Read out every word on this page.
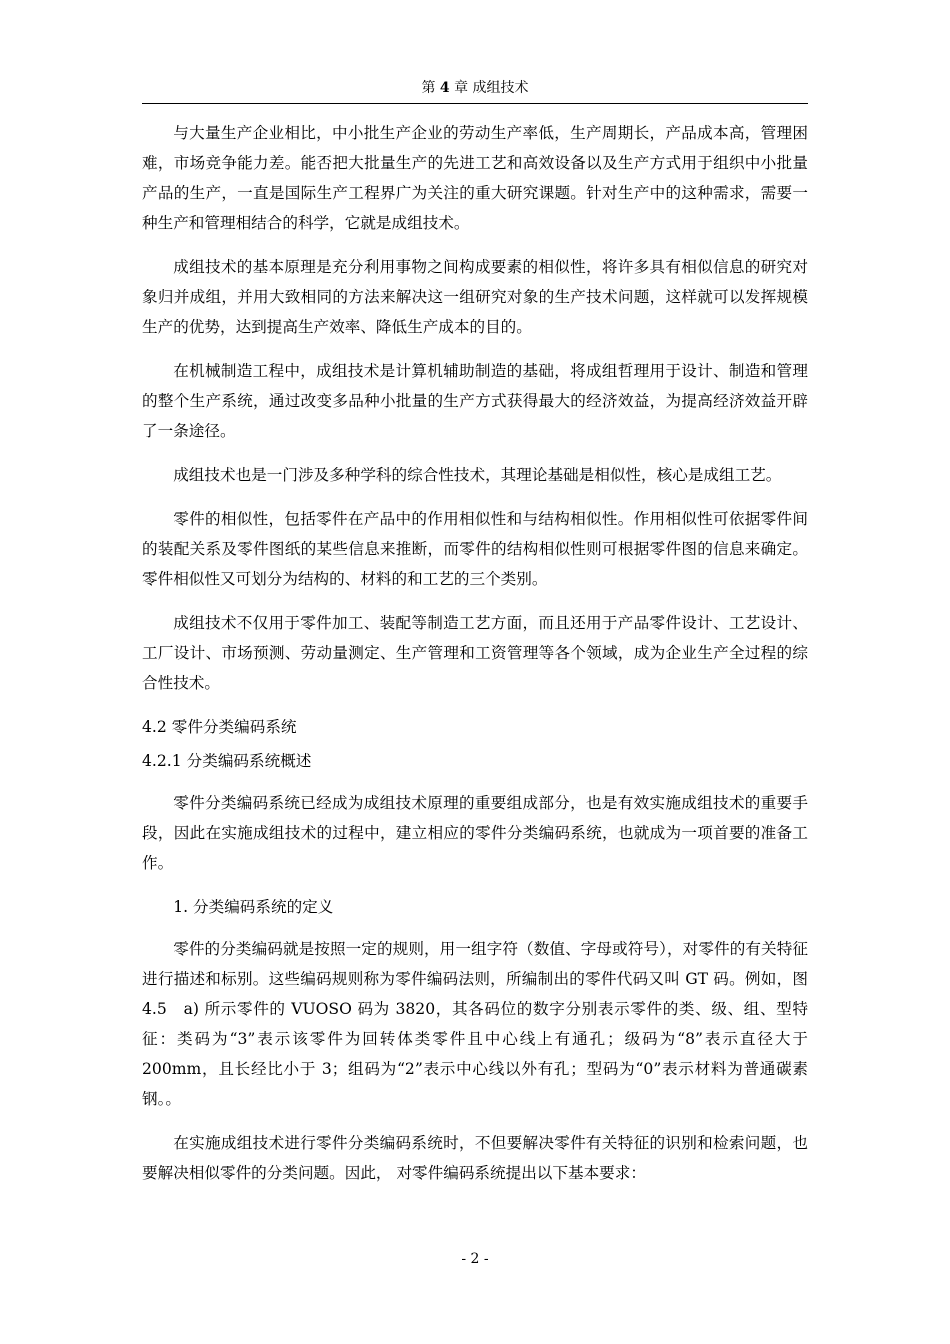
第 4 章 成组技术

与大量生产企业相比，中小批生产企业的劳动生产率低，生产周期长，产品成本高，管理困难，市场竞争能力差。能否把大批量生产的先进工艺和高效设备以及生产方式用于组织中小批量产品的生产，一直是国际生产工程界广为关注的重大研究课题。针对生产中的这种需求，需要一种生产和管理相结合的科学，它就是成组技术。

成组技术的基本原理是充分利用事物之间构成要素的相似性，将许多具有相似信息的研究对象归并成组，并用大致相同的方法来解决这一组研究对象的生产技术问题，这样就可以发挥规模生产的优势，达到提高生产效率、降低生产成本的目的。

在机械制造工程中，成组技术是计算机辅助制造的基础，将成组哲理用于设计、制造和管理的整个生产系统，通过改变多品种小批量的生产方式获得最大的经济效益，为提高经济效益开辟了一条途径。

成组技术也是一门涉及多种学科的综合性技术，其理论基础是相似性，核心是成组工艺。

零件的相似性，包括零件在产品中的作用相似性和与结构相似性。作用相似性可依据零件间的装配关系及零件图纸的某些信息来推断，而零件的结构相似性则可根据零件图的信息来确定。零件相似性又可划分为结构的、材料的和工艺的三个类别。

成组技术不仅用于零件加工、装配等制造工艺方面，而且还用于产品零件设计、工艺设计、工厂设计、市场预测、劳动量测定、生产管理和工资管理等各个领域，成为企业生产全过程的综合性技术。

4.2 零件分类编码系统

4.2.1 分类编码系统概述

零件分类编码系统已经成为成组技术原理的重要组成部分，也是有效实施成组技术的重要手段，因此在实施成组技术的过程中，建立相应的零件分类编码系统，也就成为一项首要的准备工作。

1. 分类编码系统的定义

零件的分类编码就是按照一定的规则，用一组字符（数值、字母或符号），对零件的有关特征进行描述和标别。这些编码规则称为零件编码法则，所编制出的零件代码又叫 GT 码。例如，图 4.5　a) 所示零件的 VUOSO 码为 3820，其各码位的数字分别表示零件的类、级、组、型特征：类码为“3”表示该零件为回转体类零件且中心线上有通孔；级码为“8”表示直径大于 200mm，且长经比小于 3；组码为“2”表示中心线以外有孔；型码为“0”表示材料为普通碳素钢。。

在实施成组技术进行零件分类编码系统时，不但要解决零件有关特征的识别和检索问题，也要解决相似零件的分类问题。因此， 对零件编码系统提出以下基本要求：

- 2 -
